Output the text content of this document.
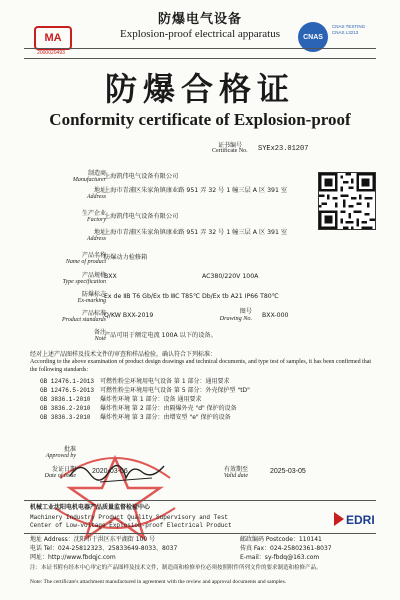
MA
2000020493
防爆电气设备
Explosion-proof electrical apparatus	CNAS
CNAS TESTING CNAS L3213
防爆合格证
Conformity certificate of Explosion-proof
证书编号
Certificate No. SYEx23.01207
制造商
Manufacturer
上海凯伟电气设备有限公司
地址
Address
上海市青浦区朱家角镇康业路 951 弄 32 号 1 幢三层 A 区 391 室
生产企业
Factory
上海凯伟电气设备有限公司
地址
Address
上海市青浦区朱家角镇康业路 951 弄 32 号 1 幢三层 A 区 391 室
产品名称
Name of product
防爆动力检修箱
产品规格
Type specification
BXX	AC380/220V 100A
防爆标志
Ex-marking
Ex de ⅡB T6 Gb/Ex tb ⅢC T85℃ Db/Ex tb A21 IP66 T80℃
产品标准
Product standards
Q/KW BXX-2019
图号
Drawing No. BXX-000
备注
Note
产品可用于额定电流 100A 以下的设备。
经对上述产品图样及技术文件的审查和样品检验，确认符合下列标准：
According to the above examination of product design drawings and technical documents, and type test of samples, it has been confirmed that the following standards:
GB 12476.1-2013 可燃性粉尘环境用电气设备 第 1 部分：通用要求
GB 12476.5-2013 可燃性粉尘环境用电气设备 第 5 部分：外壳保护型 "tD"
GB 3836.1-2010 爆炸性环境 第 1 部分：设备 通用要求
GB 3836.2-2010 爆炸性环境 第 2 部分：由隔爆外壳 "d" 保护的设备
GB 3836.3-2010 爆炸性环境 第 3 部分：由增安型 "e" 保护的设备
批准
Approved by
发证日期
Date of issue
2020-03-06	有效期至
Valid date
2025-03-05
机械工业沈阳电机电器产品质量监督检验中心
Machinery Industry Product Quality Supervisory and Test
Center of Low-voltage Explosion-proof Electrical Product	EDRI
地址 Address：沈阳市于洪区东平湖街 100 号	邮政编码 Postcode：110141
电话 Tel：024-25812323、25833649-8033、8037	传真 Fax：024-25802361-8037
网址：http://www.fbdqjc.com	E-mail：sy-fbdq@163.com
注：本证书附有经本中心审定的产品图样及技术文件，制造商和检修单位必须按照附件所列文件的要求制造和检修产品。
Note: The certificate's attachment manufactured in agreement with the review and approval documents and samples.
